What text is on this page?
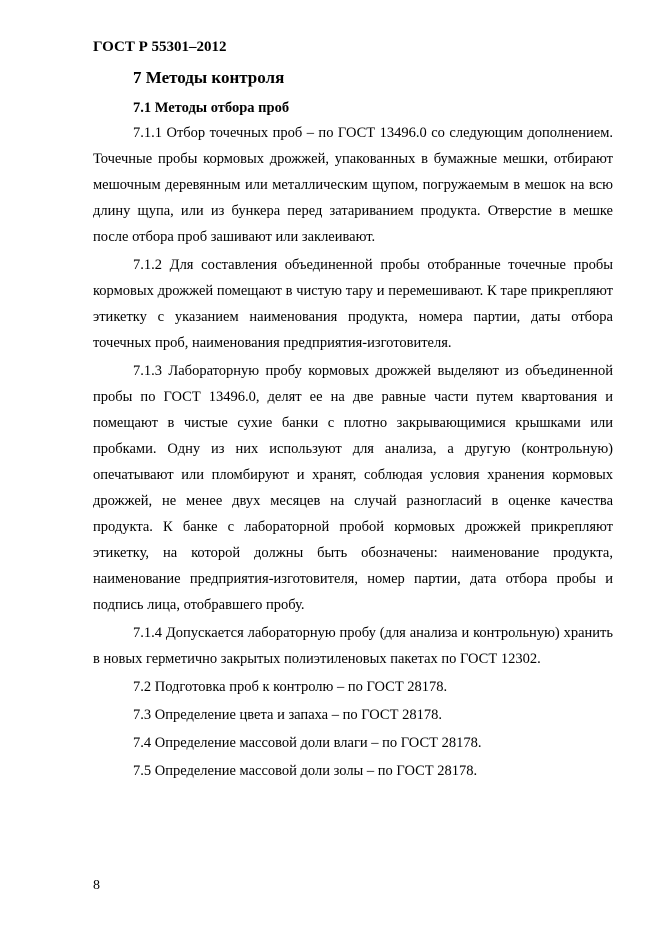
ГОСТ Р 55301–2012
7 Методы контроля
7.1 Методы отбора проб

7.1.1 Отбор точечных проб – по ГОСТ 13496.0 со следующим дополнением. Точечные пробы кормовых дрожжей, упакованных в бумажные мешки, отбирают мешочным деревянным или металлическим щупом, погружаемым в мешок на всю длину щупа, или из бункера перед затариванием продукта. Отверстие в мешке после отбора проб зашивают или заклеивают.

7.1.2 Для составления объединенной пробы отобранные точечные пробы кормовых дрожжей помещают в чистую тару и перемешивают. К таре прикрепляют этикетку с указанием наименования продукта, номера партии, даты отбора точечных проб, наименования предприятия-изготовителя.

7.1.3 Лабораторную пробу кормовых дрожжей выделяют из объединенной пробы по ГОСТ 13496.0, делят ее на две равные части путем квартования и помещают в чистые сухие банки с плотно закрывающимися крышками или пробками. Одну из них используют для анализа, а другую (контрольную) опечатывают или пломбируют и хранят, соблюдая условия хранения кормовых дрожжей, не менее двух месяцев на случай разногласий в оценке качества продукта. К банке с лабораторной пробой кормовых дрожжей прикрепляют этикетку, на которой должны быть обозначены: наименование продукта, наименование предприятия-изготовителя, номер партии, дата отбора пробы и подпись лица, отобравшего пробу.

7.1.4 Допускается лабораторную пробу (для анализа и контрольную) хранить в новых герметично закрытых полиэтиленовых пакетах по ГОСТ 12302.

7.2 Подготовка проб к контролю – по ГОСТ 28178.

7.3 Определение цвета и запаха – по ГОСТ 28178.

7.4 Определение массовой доли влаги – по ГОСТ 28178.

7.5 Определение массовой доли золы – по ГОСТ 28178.

8
